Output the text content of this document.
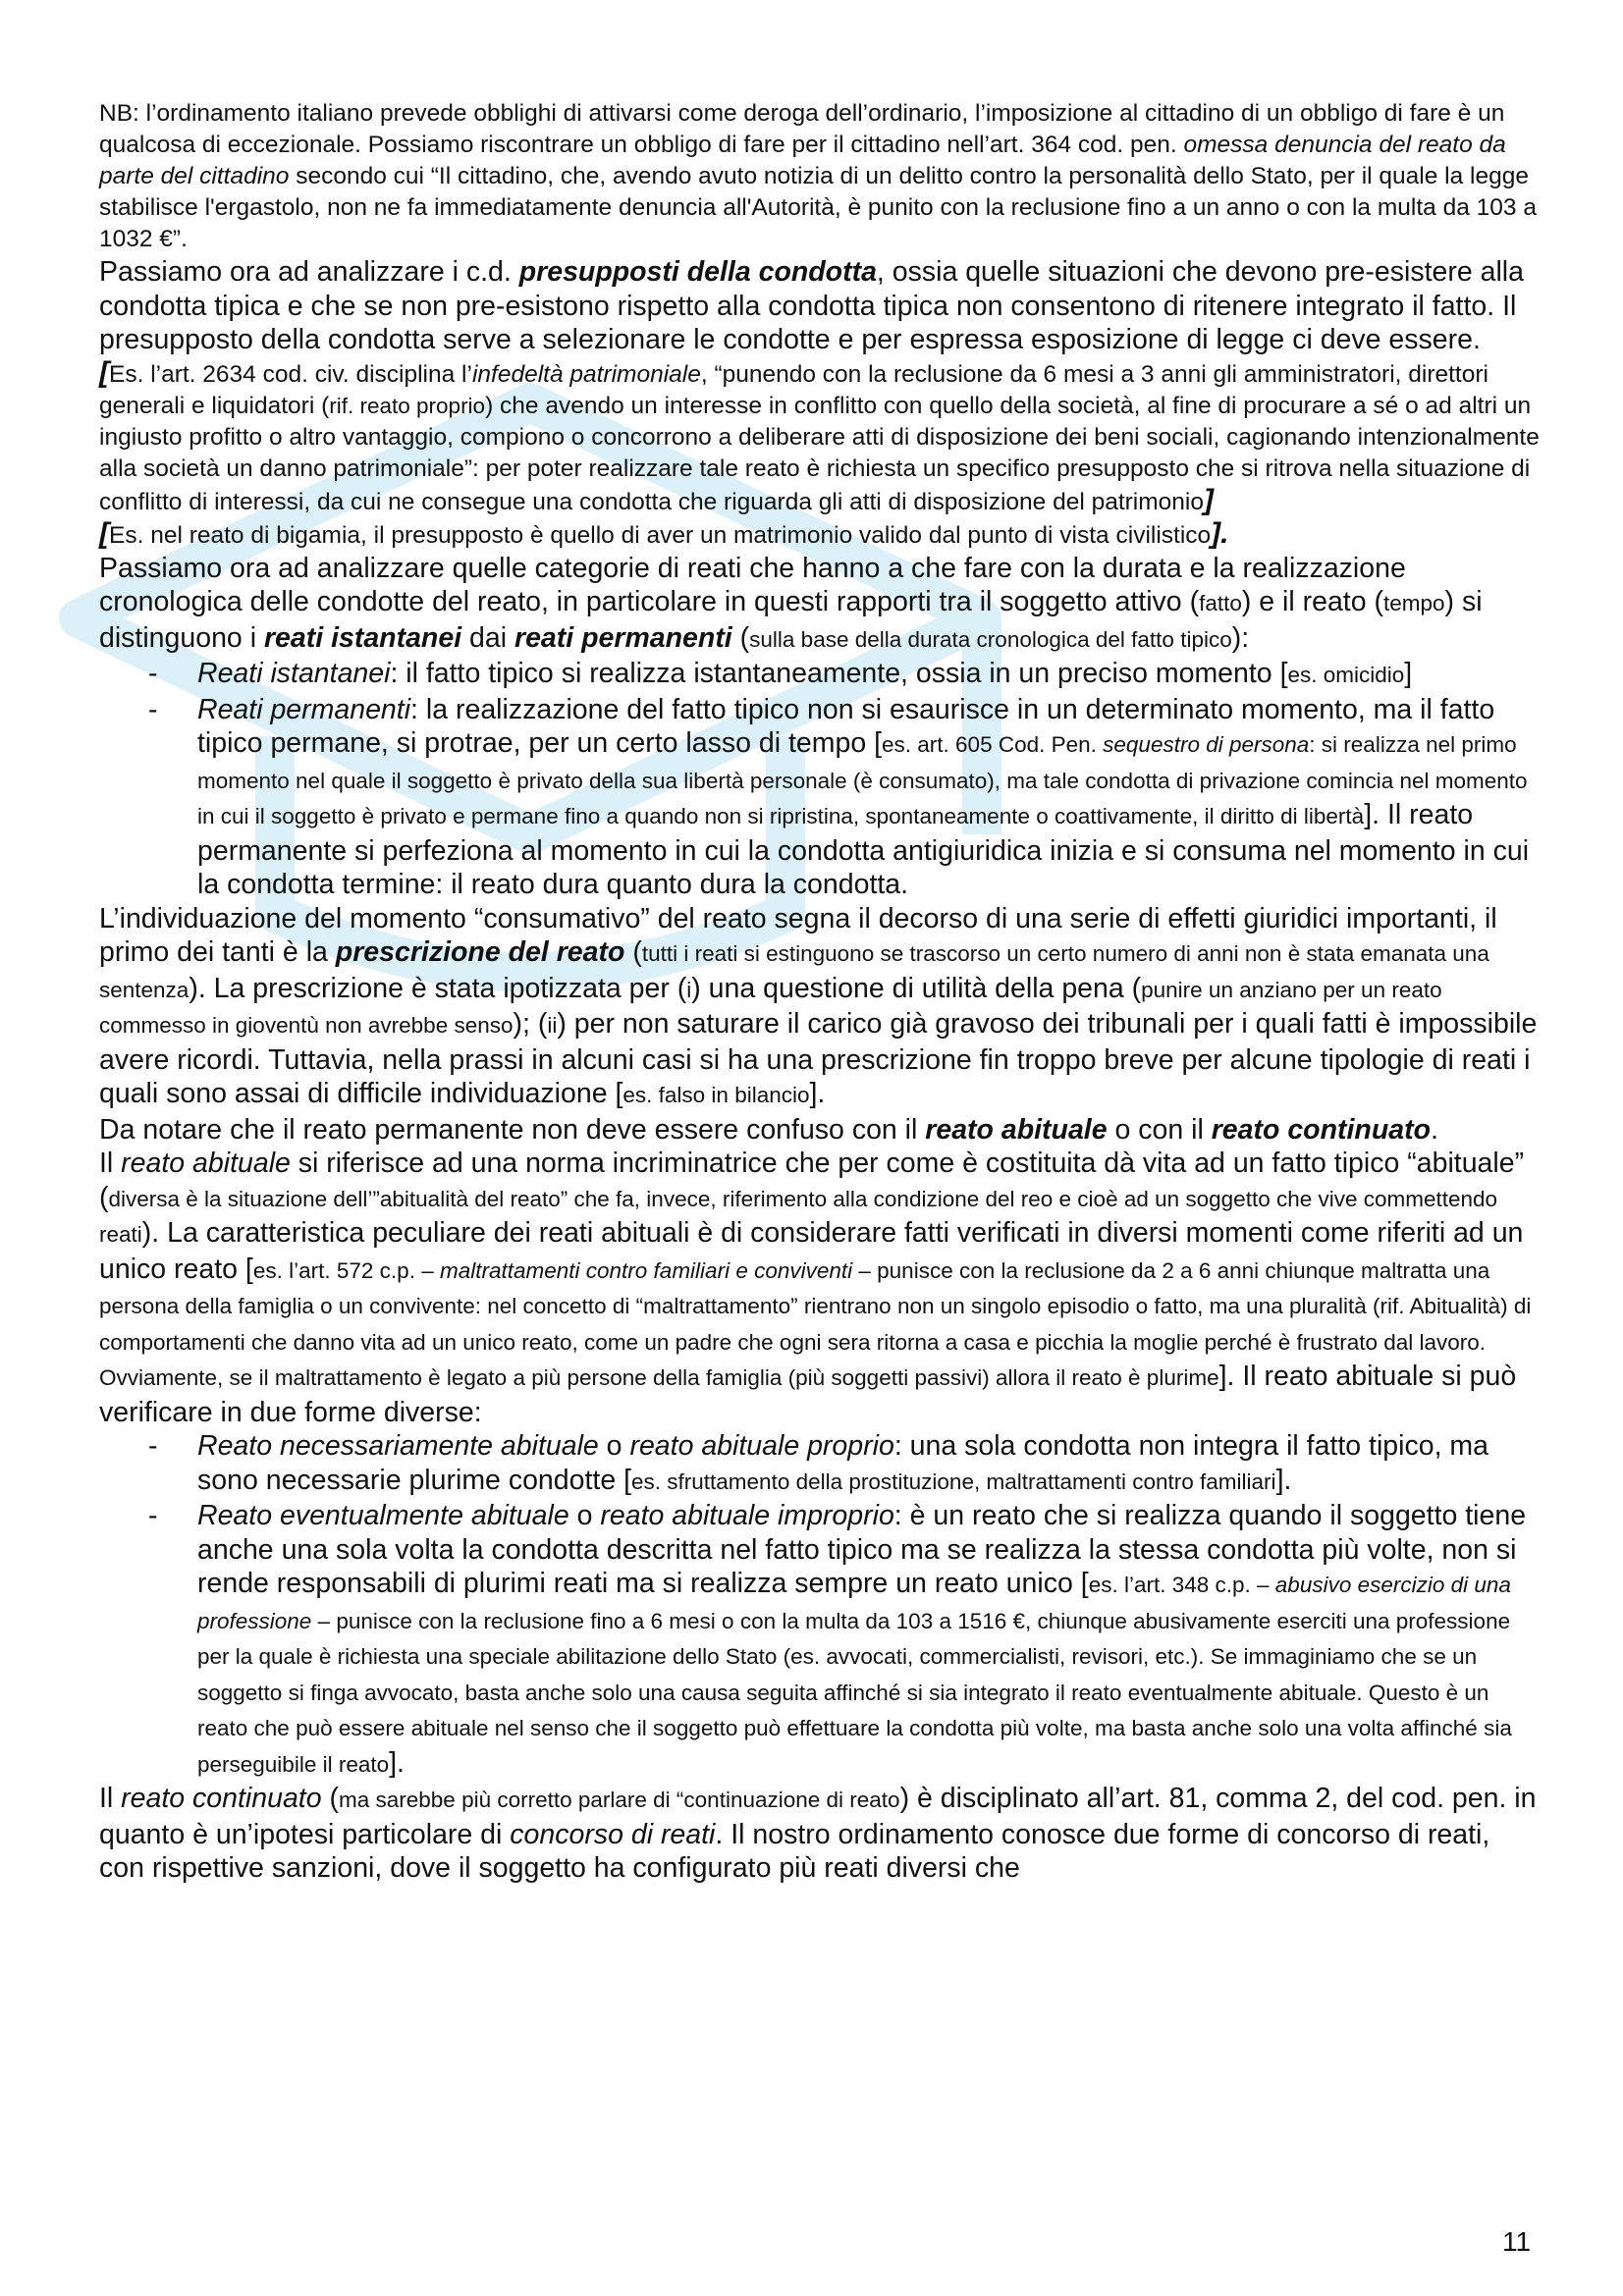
NB: l’ordinamento italiano prevede obblighi di attivarsi come deroga dell’ordinario, l’imposizione al cittadino di un obbligo di fare è un qualcosa di eccezionale. Possiamo riscontrare un obbligo di fare per il cittadino nell’art. 364 cod. pen. omessa denuncia del reato da parte del cittadino secondo cui “Il cittadino, che, avendo avuto notizia di un delitto contro la personalità dello Stato, per il quale la legge stabilisce l'ergastolo, non ne fa immediatamente denuncia all'Autorità, è punito con la reclusione fino a un anno o con la multa da 103 a 1032 €”.

Passiamo ora ad analizzare i c.d. presupposti della condotta, ossia quelle situazioni che devono pre-esistere alla condotta tipica e che se non pre-esistono rispetto alla condotta tipica non consentono di ritenere integrato il fatto. Il presupposto della condotta serve a selezionare le condotte e per espressa esposizione di legge ci deve essere.

[Es. l’art. 2634 cod. civ. disciplina l’infedeltà patrimoniale, “punendo con la reclusione da 6 mesi a 3 anni gli amministratori, direttori generali e liquidatori (rif. reato proprio) che avendo un interesse in conflitto con quello della società, al fine di procurare a sé o ad altri un ingiusto profitto o altro vantaggio, compiono o concorrono a deliberare atti di disposizione dei beni sociali, cagionando intenzionalmente alla società un danno patrimoniale”: per poter realizzare tale reato è richiesta un specifico presupposto che si ritrova nella situazione di conflitto di interessi, da cui ne consegue una condotta che riguarda gli atti di disposizione del patrimonio]

[Es. nel reato di bigamia, il presupposto è quello di aver un matrimonio valido dal punto di vista civilistico].

Passiamo ora ad analizzare quelle categorie di reati che hanno a che fare con la durata e la realizzazione cronologica delle condotte del reato, in particolare in questi rapporti tra il soggetto attivo (fatto) e il reato (tempo) si distinguono i reati istantanei dai reati permanenti (sulla base della durata cronologica del fatto tipico):

- Reati istantanei: il fatto tipico si realizza istantaneamente, ossia in un preciso momento [es. omicidio]
- Reati permanenti: la realizzazione del fatto tipico non si esaurisce in un determinato momento, ma il fatto tipico permane, si protrae, per un certo lasso di tempo [es. art. 605 Cod. Pen. sequestro di persona: si realizza nel primo momento nel quale il soggetto è privato della sua libertà personale (è consumato), ma tale condotta di privazione comincia nel momento in cui il soggetto è privato e permane fino a quando non si ripristina, spontaneamente o coattivamente, il diritto di libertà]. Il reato permanente si perfeziona al momento in cui la condotta antigiuridica inizia e si consuma nel momento in cui la condotta termine: il reato dura quanto dura la condotta.

L’individuazione del momento “consumativo” del reato segna il decorso di una serie di effetti giuridici importanti, il primo dei tanti è la prescrizione del reato (tutti i reati si estinguono se trascorso un certo numero di anni non è stata emanata una sentenza). La prescrizione è stata ipotizzata per (i) una questione di utilità della pena (punire un anziano per un reato commesso in gioventù non avrebbe senso); (ii) per non saturare il carico già gravoso dei tribunali per i quali fatti è impossibile avere ricordi. Tuttavia, nella prassi in alcuni casi si ha una prescrizione fin troppo breve per alcune tipologie di reati i quali sono assai di difficile individuazione [es. falso in bilancio].

Da notare che il reato permanente non deve essere confuso con il reato abituale o con il reato continuato.

Il reato abituale si riferisce ad una norma incriminatrice che per come è costituita dà vita ad un fatto tipico “abituale” (diversa è la situazione dell’”abitualità del reato” che fa, invece, riferimento alla condizione del reo e cioè ad un soggetto che vive commettendo reati). La caratteristica peculiare dei reati abituali è di considerare fatti verificati in diversi momenti come riferiti ad un unico reato [es. l’art. 572 c.p. – maltrattamenti contro familiari e conviventi – punisce con la reclusione da 2 a 6 anni chiunque maltratta una persona della famiglia o un convivente: nel concetto di “maltrattamento” rientrano non un singolo episodio o fatto, ma una pluralità (rif. Abitualità) di comportamenti che danno vita ad un unico reato, come un padre che ogni sera ritorna a casa e picchia la moglie perché è frustrato dal lavoro. Ovviamente, se il maltrattamento è legato a più persone della famiglia (più soggetti passivi) allora il reato è plurime]. Il reato abituale si può verificare in due forme diverse:

- Reato necessariamente abituale o reato abituale proprio: una sola condotta non integra il fatto tipico, ma sono necessarie plurime condotte [es. sfruttamento della prostituzione, maltrattamenti contro familiari].
- Reato eventualmente abituale o reato abituale improprio: è un reato che si realizza quando il soggetto tiene anche una sola volta la condotta descritta nel fatto tipico ma se realizza la stessa condotta più volte, non si rende responsabili di plurimi reati ma si realizza sempre un reato unico [es. l’art. 348 c.p. – abusivo esercizio di una professione – punisce con la reclusione fino a 6 mesi o con la multa da 103 a 1516 €, chiunque abusivamente eserciti una professione per la quale è richiesta una speciale abilitazione dello Stato (es. avvocati, commercialisti, revisori, etc.). Se immaginiamo che se un soggetto si finga avvocato, basta anche solo una causa seguita affinché si sia integrato il reato eventualmente abituale. Questo è un reato che può essere abituale nel senso che il soggetto può effettuare la condotta più volte, ma basta anche solo una volta affinché sia perseguibile il reato].

Il reato continuato (ma sarebbe più corretto parlare di “continuazione di reato) è disciplinato all’art. 81, comma 2, del cod. pen. in quanto è un’ipotesi particolare di concorso di reati. Il nostro ordinamento conosce due forme di concorso di reati, con rispettive sanzioni, dove il soggetto ha configurato più reati diversi che

11
